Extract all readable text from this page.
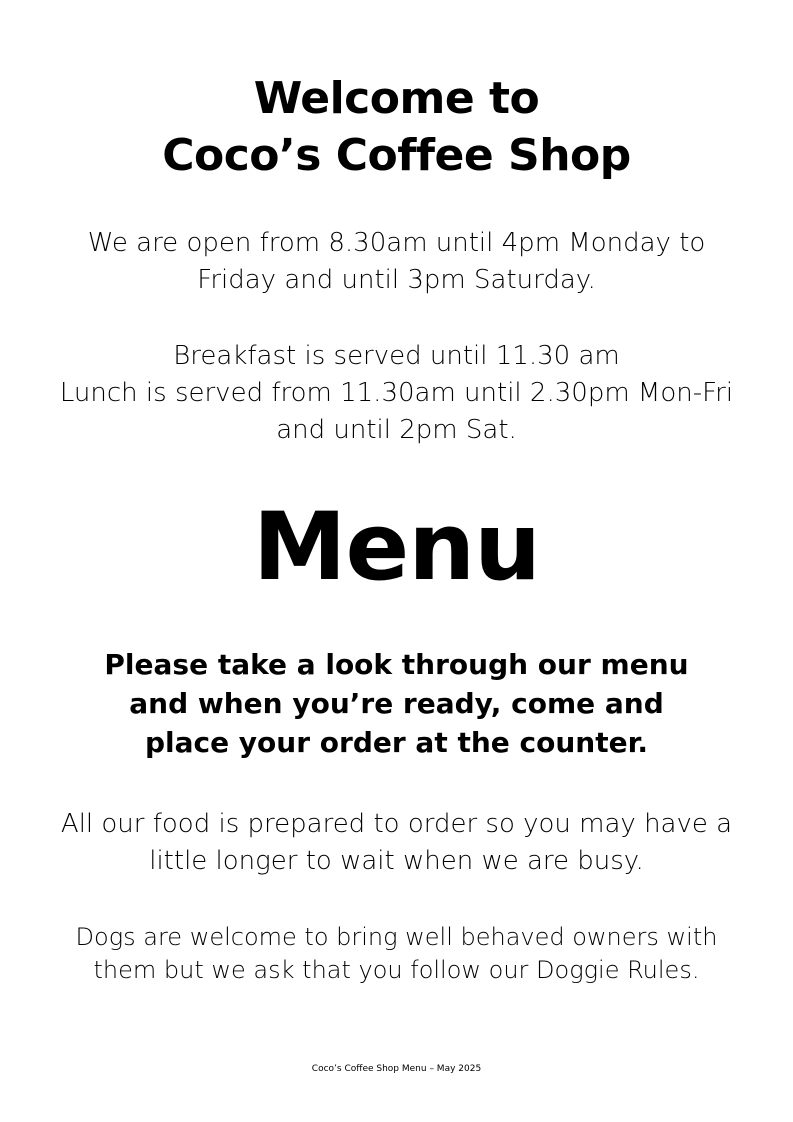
Welcome to
Coco’s Coffee Shop

We are open from 8.30am until 4pm Monday to
Friday and until 3pm Saturday.

Breakfast is served until 11.30 am
Lunch is served from 11.30am until 2.30pm Mon-Fri
and until 2pm Sat.

Menu

Please take a look through our menu
and when you’re ready, come and
place your order at the counter.

All our food is prepared to order so you may have a
little longer to wait when we are busy.

Dogs are welcome to bring well behaved owners with
them but we ask that you follow our Doggie Rules.

Coco’s Coffee Shop Menu – May 2025
